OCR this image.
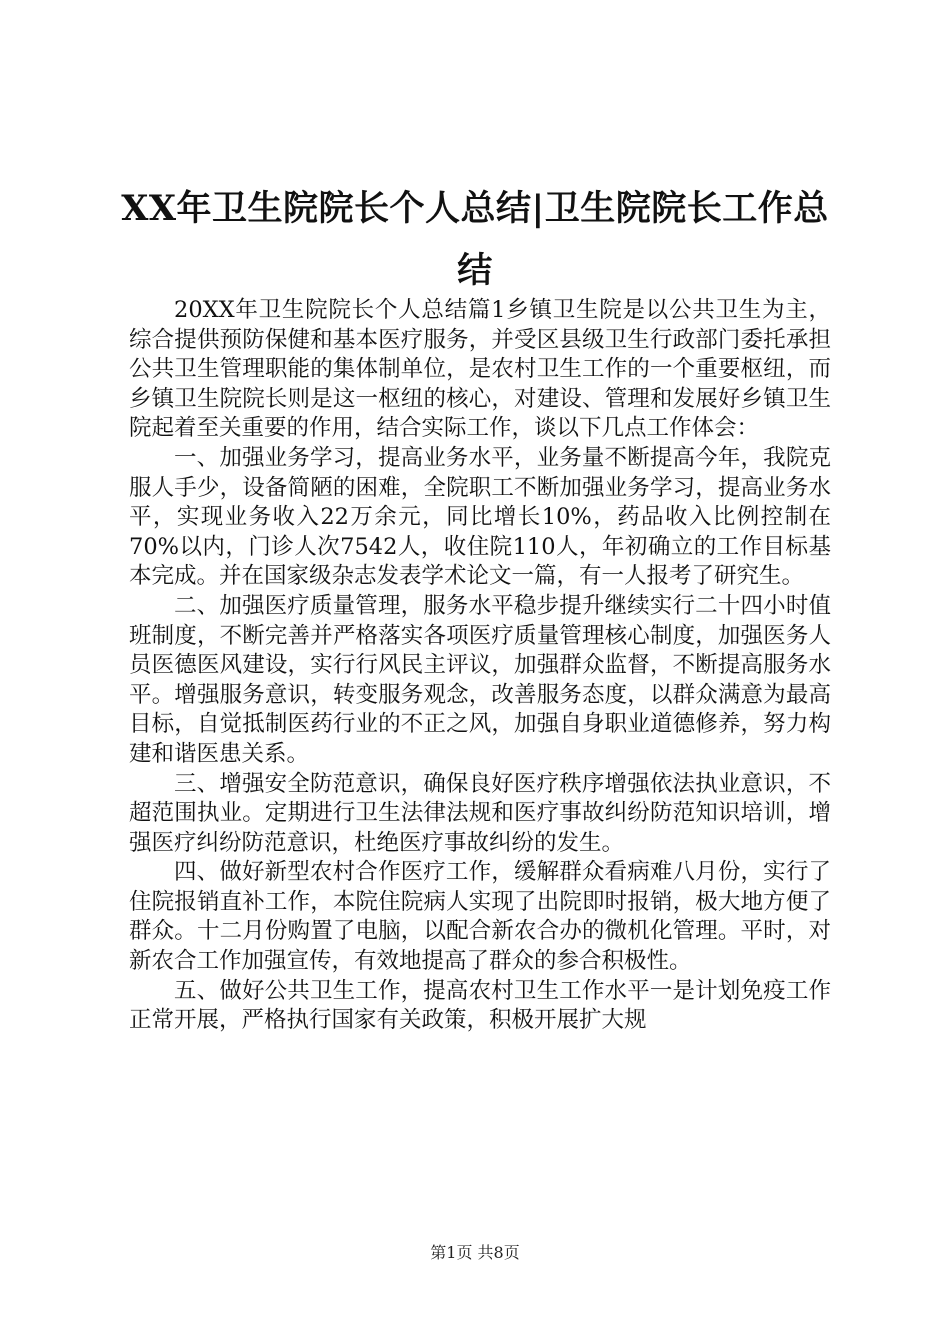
XX年卫生院院长个人总结|卫生院院长工作总结

20XX年卫生院院长个人总结篇1乡镇卫生院是以公共卫生为主，综合提供预防保健和基本医疗服务，并受区县级卫生行政部门委托承担公共卫生管理职能的集体制单位，是农村卫生工作的一个重要枢纽，而乡镇卫生院院长则是这一枢纽的核心，对建设、管理和发展好乡镇卫生院起着至关重要的作用，结合实际工作，谈以下几点工作体会：

一、加强业务学习，提高业务水平，业务量不断提高今年，我院克服人手少，设备简陋的困难，全院职工不断加强业务学习，提高业务水平，实现业务收入22万余元，同比增长10%，药品收入比例控制在70%以内，门诊人次7542人，收住院110人，年初确立的工作目标基本完成。并在国家级杂志发表学术论文一篇，有一人报考了研究生。

二、加强医疗质量管理，服务水平稳步提升继续实行二十四小时值班制度，不断完善并严格落实各项医疗质量管理核心制度，加强医务人员医德医风建设，实行行风民主评议，加强群众监督，不断提高服务水平。增强服务意识，转变服务观念，改善服务态度，以群众满意为最高目标，自觉抵制医药行业的不正之风，加强自身职业道德修养，努力构建和谐医患关系。

三、增强安全防范意识，确保良好医疗秩序增强依法执业意识，不超范围执业。定期进行卫生法律法规和医疗事故纠纷防范知识培训，增强医疗纠纷防范意识，杜绝医疗事故纠纷的发生。

四、做好新型农村合作医疗工作，缓解群众看病难八月份，实行了住院报销直补工作，本院住院病人实现了出院即时报销，极大地方便了群众。十二月份购置了电脑，以配合新农合办的微机化管理。平时，对新农合工作加强宣传，有效地提高了群众的参合积极性。

五、做好公共卫生工作，提高农村卫生工作水平一是计划免疫工作正常开展，严格执行国家有关政策，积极开展扩大规

第1页 共8页
